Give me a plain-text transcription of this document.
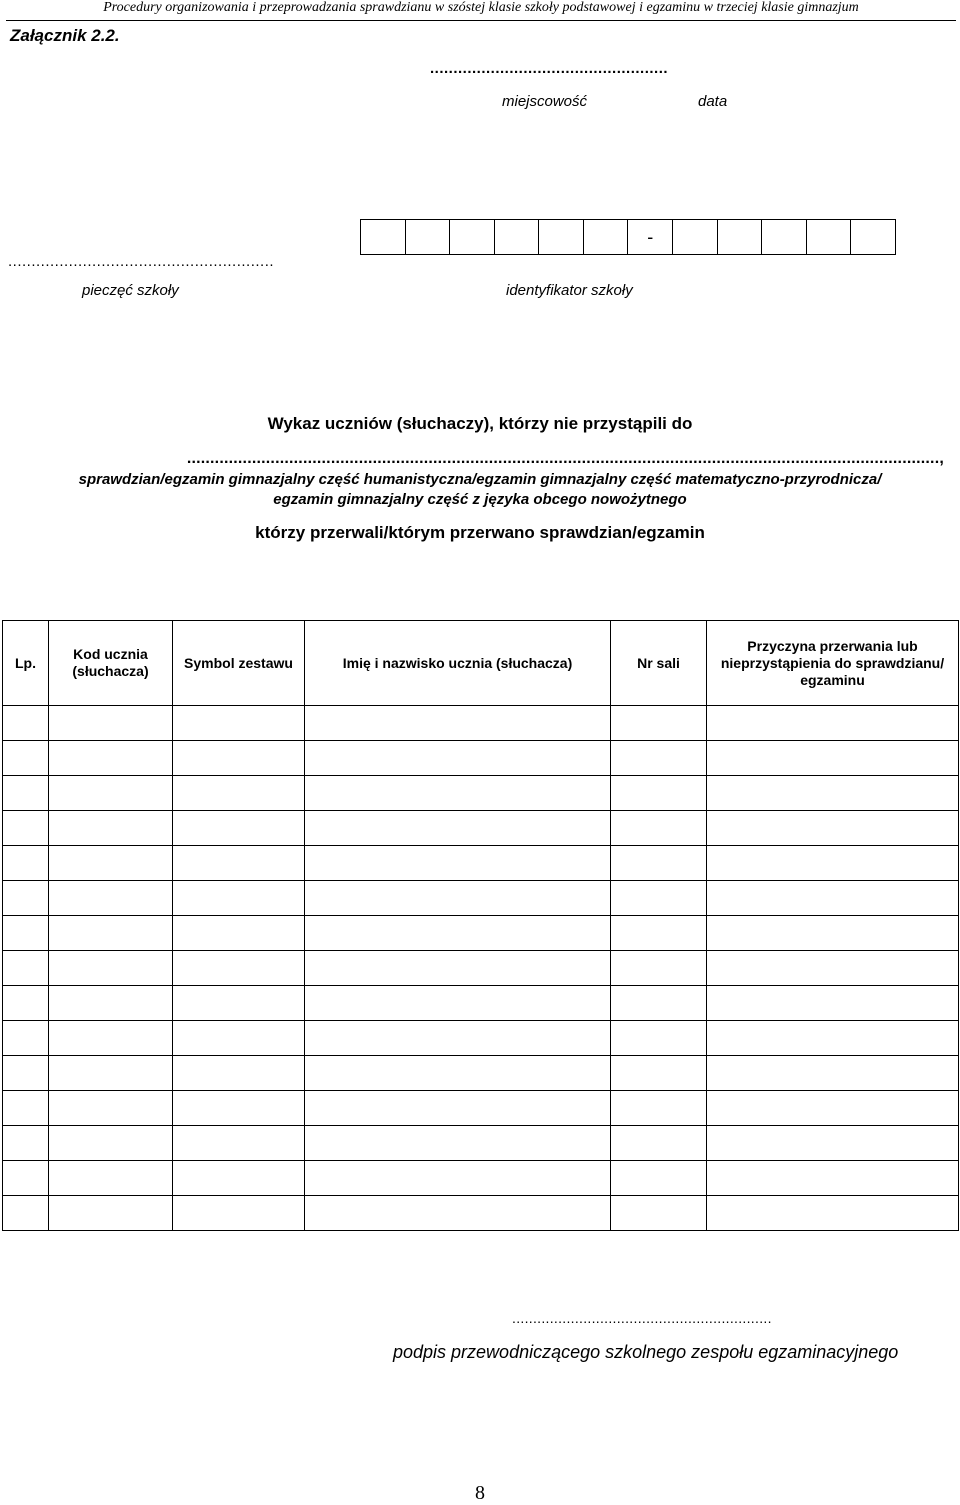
Procedury organizowania i przeprowadzania sprawdzianu w szóstej klasie szkoły podstawowej i egzaminu w trzeciej klasie gimnazjum
Załącznik 2.2.
...................................................
miejscowość	data
.........................................................
pieczęć szkoły
-
identyfikator szkoły
Wykaz uczniów (słuchaczy), którzy nie przystąpili do
..................................................................................................................................................................,
sprawdzian/egzamin gimnazjalny część humanistyczna/egzamin gimnazjalny część matematyczno-przyrodnicza/
egzamin gimnazjalny część z języka obcego nowożytnego
którzy przerwali/którym przerwano sprawdzian/egzamin
Lp.	Kod ucznia (słuchacza)	Symbol zestawu	Imię i nazwisko ucznia (słuchacza)	Nr sali	Przyczyna przerwania lub nieprzystąpienia do sprawdzianu/ egzaminu

..............................................................
podpis przewodniczącego szkolnego zespołu egzaminacyjnego
8
